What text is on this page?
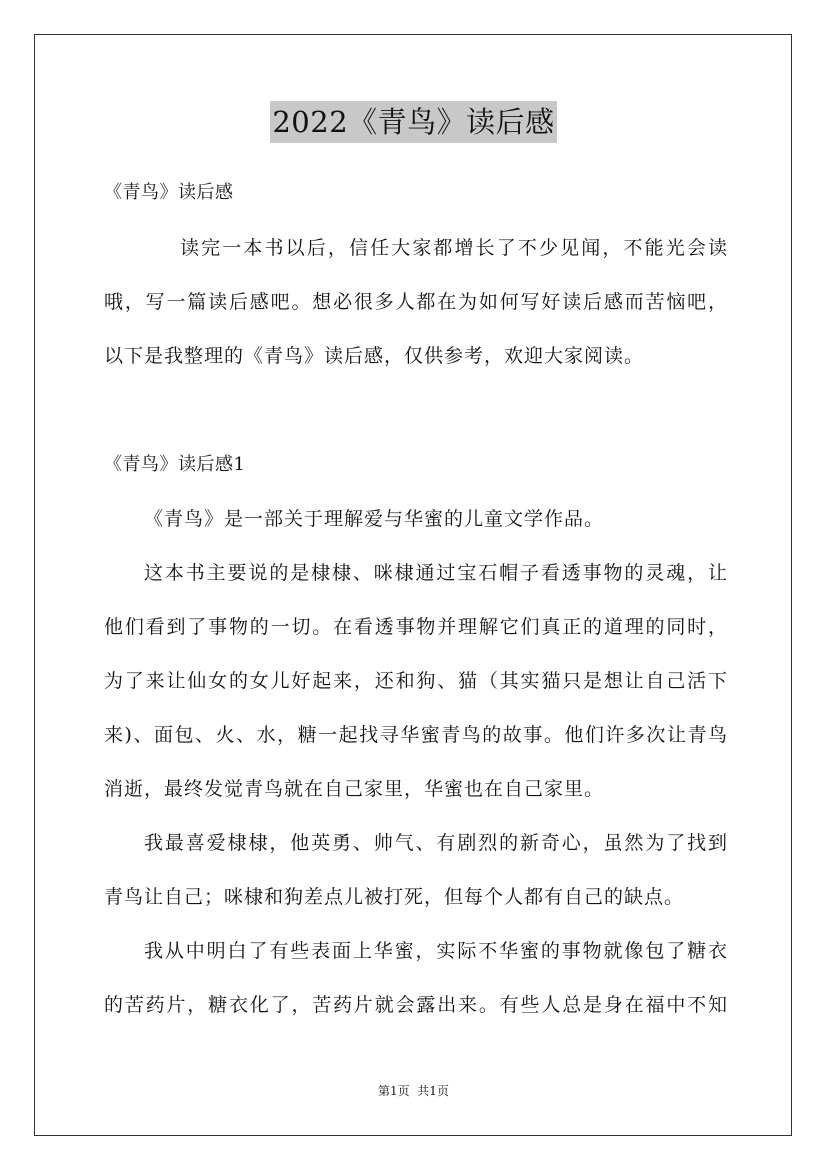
2022《青鸟》读后感
《青鸟》读后感
读完一本书以后，信任大家都增长了不少见闻，不能光会读
哦，写一篇读后感吧。想必很多人都在为如何写好读后感而苦恼吧，
以下是我整理的《青鸟》读后感，仅供参考，欢迎大家阅读。
《青鸟》读后感1
《青鸟》是一部关于理解爱与华蜜的儿童文学作品。
这本书主要说的是棣棣、咪棣通过宝石帽子看透事物的灵魂，让
他们看到了事物的一切。在看透事物并理解它们真正的道理的同时，
为了来让仙女的女儿好起来，还和狗、猫（其实猫只是想让自己活下
来)、面包、火、水，糖一起找寻华蜜青鸟的故事。他们许多次让青鸟
消逝，最终发觉青鸟就在自己家里，华蜜也在自己家里。
我最喜爱棣棣，他英勇、帅气、有剧烈的新奇心，虽然为了找到
青鸟让自己；咪棣和狗差点儿被打死，但每个人都有自己的缺点。
我从中明白了有些表面上华蜜，实际不华蜜的事物就像包了糖衣
的苦药片，糖衣化了，苦药片就会露出来。有些人总是身在福中不知
第1页  共1页
